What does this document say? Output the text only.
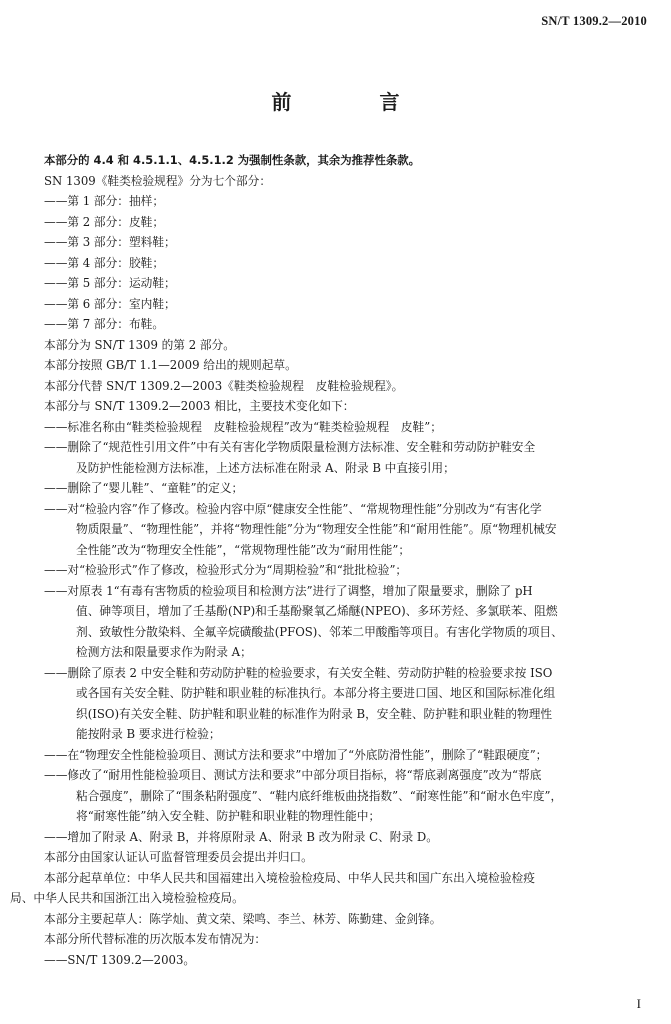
SN/T 1309.2—2010
前　言
本部分的 4.4 和 4.5.1.1、4.5.1.2 为强制性条款，其余为推荐性条款。
SN 1309《鞋类检验规程》分为七个部分：
——第 1 部分：抽样；
——第 2 部分：皮鞋；
——第 3 部分：塑料鞋；
——第 4 部分：胶鞋；
——第 5 部分：运动鞋；
——第 6 部分：室内鞋；
——第 7 部分：布鞋。
本部分为 SN/T 1309 的第 2 部分。
本部分按照 GB/T 1.1—2009 给出的规则起草。
本部分代替 SN/T 1309.2—2003《鞋类检验规程　皮鞋检验规程》。
本部分与 SN/T 1309.2—2003 相比，主要技术变化如下：
——标准名称由“鞋类检验规程　皮鞋检验规程”改为“鞋类检验规程　皮鞋”；
——删除了“规范性引用文件”中有关有害化学物质限量检测方法标准、安全鞋和劳动防护鞋安全
及防护性能检测方法标准，上述方法标准在附录 A、附录 B 中直接引用；
——删除了“婴儿鞋”、“童鞋”的定义；
——对“检验内容”作了修改。检验内容中原“健康安全性能”、“常规物理性能”分别改为“有害化学
物质限量”、“物理性能”，并将“物理性能”分为“物理安全性能”和“耐用性能”。原“物理机械安
全性能”改为“物理安全性能”，“常规物理性能”改为“耐用性能”；
——对“检验形式”作了修改，检验形式分为“周期检验”和“批批检验”；
——对原表 1“有毒有害物质的检验项目和检测方法”进行了调整，增加了限量要求，删除了 pH
值、砷等项目，增加了壬基酚(NP)和壬基酚聚氧乙烯醚(NPEO)、多环芳烃、多氯联苯、阻燃
剂、致敏性分散染料、全氟辛烷磺酸盐(PFOS)、邻苯二甲酸酯等项目。有害化学物质的项目、
检测方法和限量要求作为附录 A；
——删除了原表 2 中安全鞋和劳动防护鞋的检验要求，有关安全鞋、劳动防护鞋的检验要求按 ISO
或各国有关安全鞋、防护鞋和职业鞋的标准执行。本部分将主要进口国、地区和国际标准化组
织(ISO)有关安全鞋、防护鞋和职业鞋的标准作为附录 B，安全鞋、防护鞋和职业鞋的物理性
能按附录 B 要求进行检验；
——在“物理安全性能检验项目、测试方法和要求”中增加了“外底防滑性能”，删除了“鞋跟硬度”；
——修改了“耐用性能检验项目、测试方法和要求”中部分项目指标，将“帮底剥离强度”改为“帮底
粘合强度”，删除了“围条粘附强度”、“鞋内底纤维板曲挠指数”、“耐寒性能”和“耐水色牢度”，
将“耐寒性能”纳入安全鞋、防护鞋和职业鞋的物理性能中；
——增加了附录 A、附录 B，并将原附录 A、附录 B 改为附录 C、附录 D。
本部分由国家认证认可监督管理委员会提出并归口。
本部分起草单位：中华人民共和国福建出入境检验检疫局、中华人民共和国广东出入境检验检疫
局、中华人民共和国浙江出入境检验检疫局。
本部分主要起草人：陈学灿、黄文荣、梁鸣、李兰、林芳、陈勤建、金剑锋。
本部分所代替标准的历次版本发布情况为：
——SN/T 1309.2—2003。
I
